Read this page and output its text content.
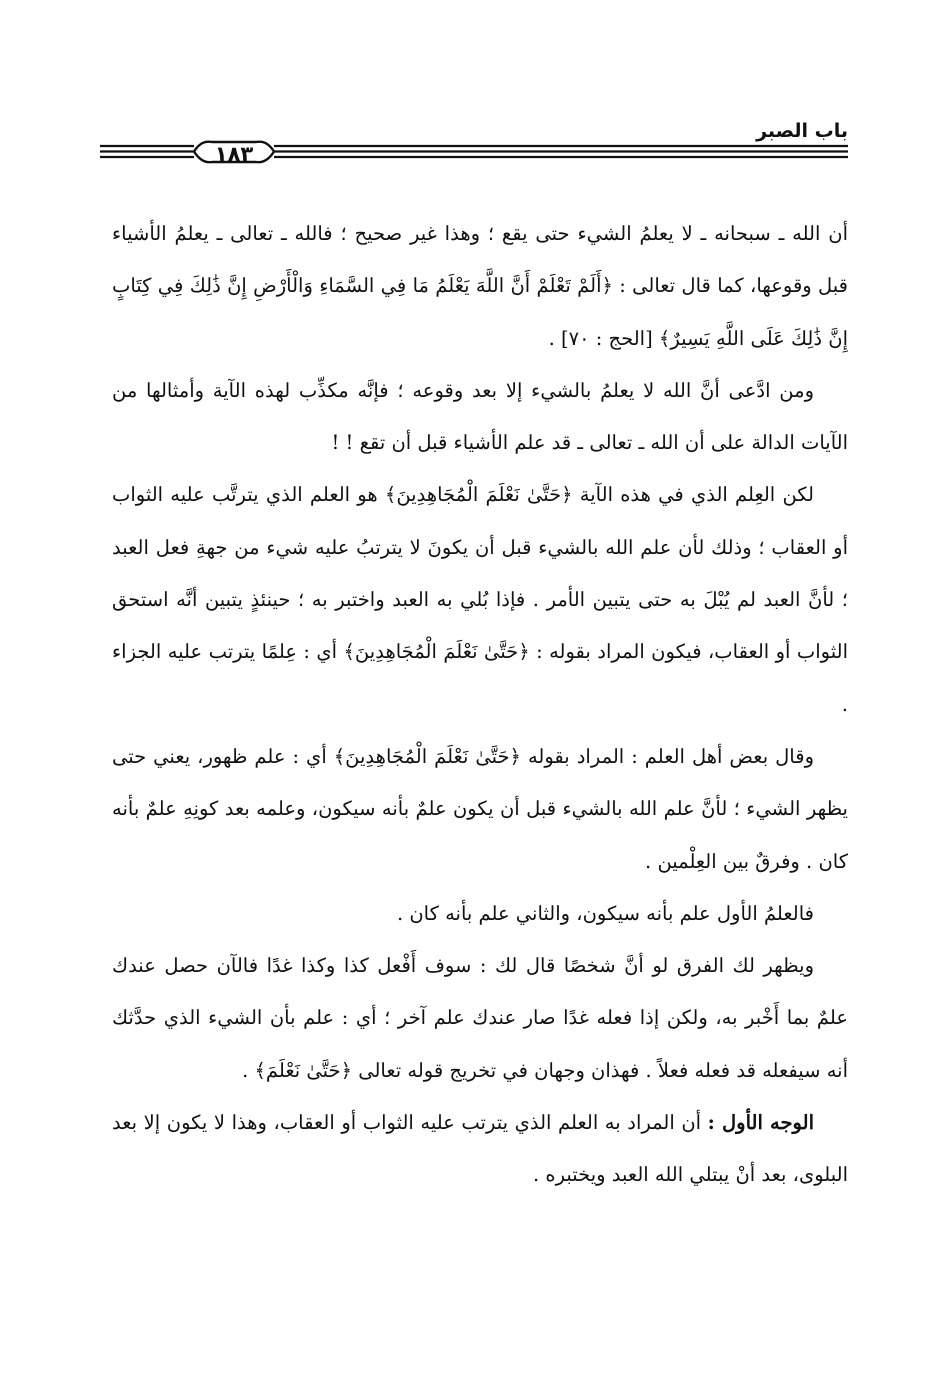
باب الصبر
١٨٣

أن الله ـ سبحانه ـ لا يعلمُ الشيء حتى يقع ؛ وهذا غير صحيح ؛ فالله ـ تعالى ـ يعلمُ الأشياء قبل وقوعها، كما قال تعالى : ﴿أَلَمْ تَعْلَمْ أَنَّ اللَّهَ يَعْلَمُ مَا فِي السَّمَاءِ وَالْأَرْضِ إِنَّ ذَٰلِكَ فِي كِتَابٍ إِنَّ ذَٰلِكَ عَلَى اللَّهِ يَسِيرٌ﴾ [الحج : ٧٠] .

ومن ادَّعى أنَّ الله لا يعلمُ بالشيء إلا بعد وقوعه ؛ فإنَّه مكذِّب لهذه الآية وأمثالها من الآيات الدالة على أن الله ـ تعالى ـ قد علم الأشياء قبل أن تقع ! !

لكن العِلم الذي في هذه الآية ﴿حَتَّىٰ نَعْلَمَ الْمُجَاهِدِينَ﴾ هو العلم الذي يترتَّب عليه الثواب أو العقاب ؛ وذلك لأن علم الله بالشيء قبل أن يكونَ لا يترتبُ عليه شيء من جهةِ فعل العبد ؛ لأنَّ العبد لم يُبْلَ به حتى يتبين الأمر . فإذا بُلي به العبد واختبر به ؛ حينئذٍ يتبين أنَّه استحق الثواب أو العقاب، فيكون المراد بقوله : ﴿حَتَّىٰ نَعْلَمَ الْمُجَاهِدِينَ﴾ أي : عِلمًا يترتب عليه الجزاء .

وقال بعض أهل العلم : المراد بقوله ﴿حَتَّىٰ نَعْلَمَ الْمُجَاهِدِينَ﴾ أي : علم ظهور، يعني حتى يظهر الشيء ؛ لأنَّ علم الله بالشيء قبل أن يكون علمٌ بأنه سيكون، وعلمه بعد كونِهِ علمٌ بأنه كان . وفرقٌ بين العِلْمين .

فالعلمُ الأول علم بأنه سيكون، والثاني علم بأنه كان .

ويظهر لك الفرق لو أنَّ شخصًا قال لك : سوف أَفْعل كذا وكذا غدًا فالآن حصل عندك علمٌ بما أَخْبر به، ولكن إذا فعله غدًا صار عندك علم آخر ؛ أي : علم بأن الشيء الذي حدَّثك أنه سيفعله قد فعله فعلاً . فهذان وجهان في تخريج قوله تعالى ﴿حَتَّىٰ نَعْلَمَ﴾ .

الوجه الأول : أن المراد به العلم الذي يترتب عليه الثواب أو العقاب، وهذا لا يكون إلا بعد البلوى، بعد أنْ يبتلي الله العبد ويختبره .
